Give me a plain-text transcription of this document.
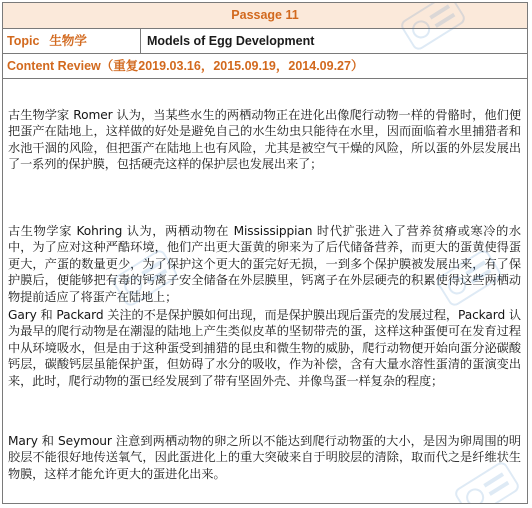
Passage 11
Topic 生物学	Models of Egg Development
Content Review（重复2019.03.16，2015.09.19，2014.09.27）

古生物学家 Romer 认为，当某些水生的两栖动物正在进化出像爬行动物一样的骨骼时，他们便把蛋产在陆地上，这样做的好处是避免自己的水生幼虫只能待在水里，因而面临着水里捕猎者和水池干涸的风险，但把蛋产在陆地上也有风险，尤其是被空气干燥的风险，所以蛋的外层发展出了一系列的保护膜，包括硬壳这样的保护层也发展出来了；

古生物学家 Kohring 认为，两栖动物在 Mississippian 时代扩张进入了营养贫瘠或寒冷的水中，为了应对这种严酷环境，他们产出更大蛋黄的卵来为了后代储备营养，而更大的蛋黄使得蛋更大，产蛋的数量更少，为了保护这个更大的蛋完好无损，一到多个保护膜被发展出来，有了保护膜后，便能够把有毒的钙离子安全储备在外层膜里，钙离子在外层硬壳的积累使得这些两栖动物提前适应了将蛋产在陆地上；

Gary 和 Packard 关注的不是保护膜如何出现，而是保护膜出现后蛋壳的发展过程，Packard 认为最早的爬行动物是在潮湿的陆地上产生类似皮革的坚韧带壳的蛋，这样这种蛋便可在发育过程中从环境吸水，但是由于这种蛋受到捕猎的昆虫和微生物的威胁，爬行动物便开始向蛋分泌碳酸钙层，碳酸钙层虽能保护蛋，但妨碍了水分的吸收，作为补偿，含有大量水溶性蛋清的蛋演变出来，此时，爬行动物的蛋已经发展到了带有坚固外壳、并像鸟蛋一样复杂的程度；

Mary 和 Seymour 注意到两栖动物的卵之所以不能达到爬行动物蛋的大小，是因为卵周围的明胶层不能很好地传送氧气，因此蛋进化上的重大突破来自于明胶层的清除，取而代之是纤维状生物膜，这样才能允许更大的蛋进化出来。
